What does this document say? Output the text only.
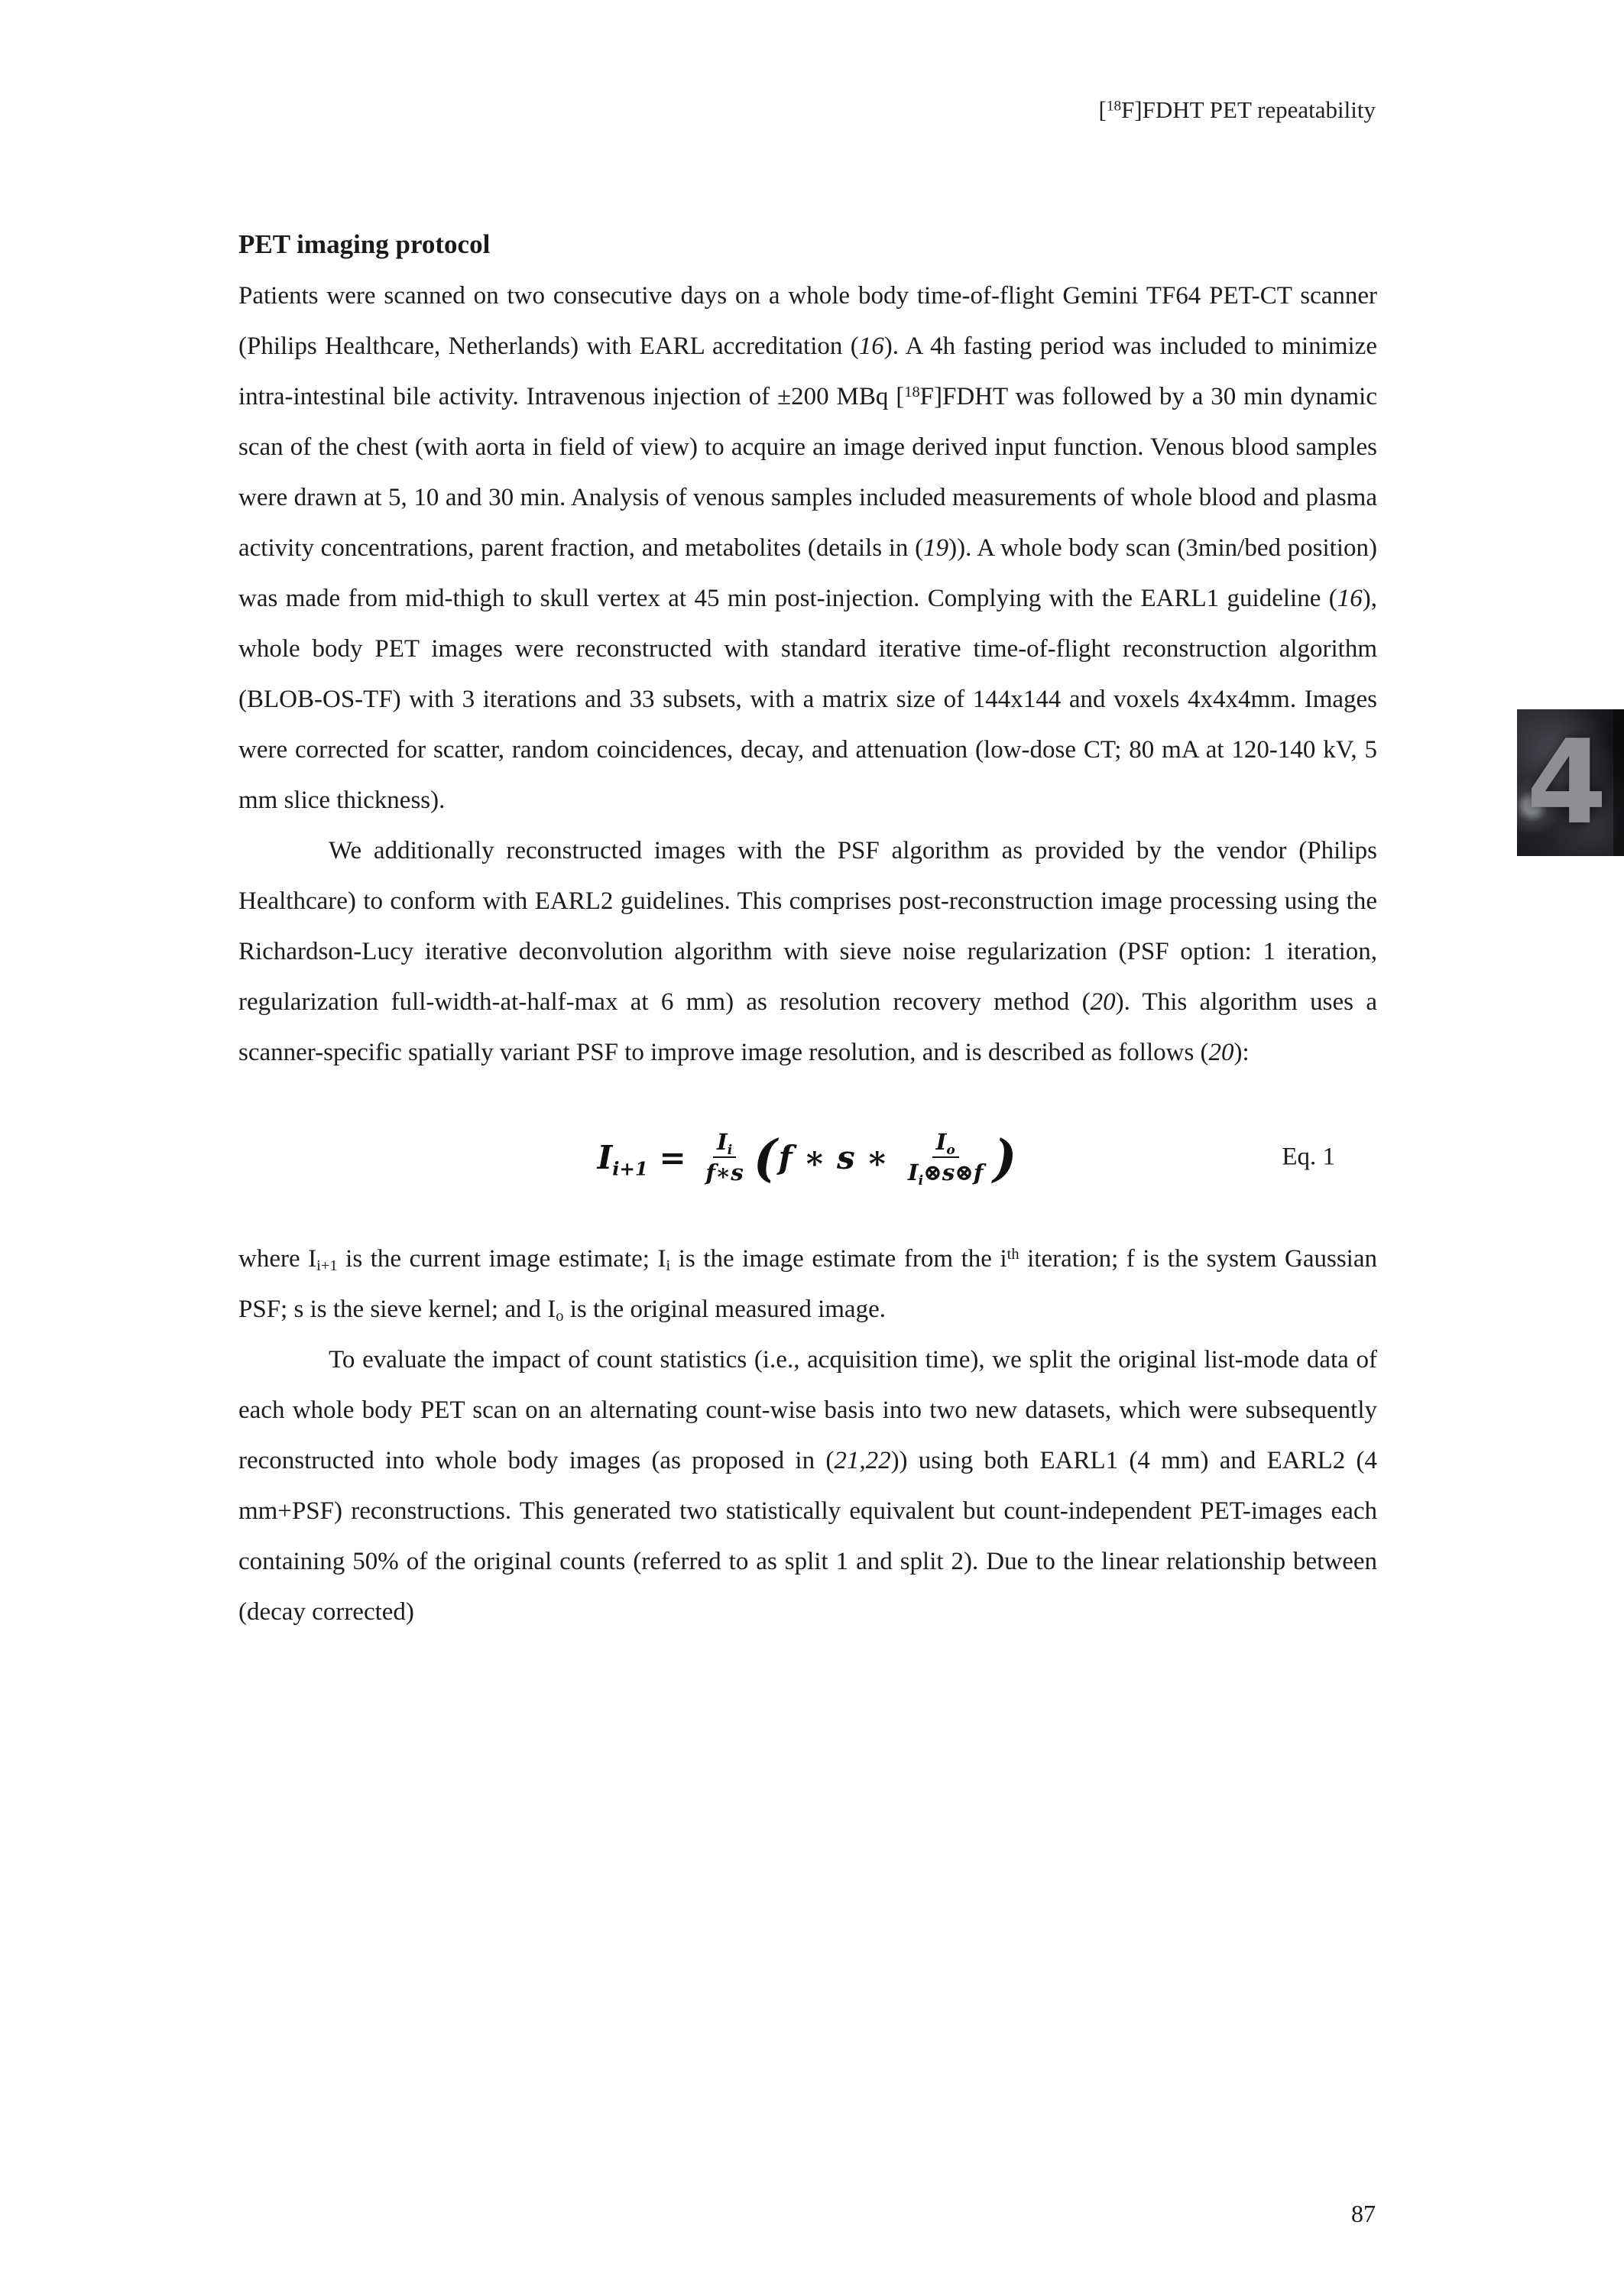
[$^{18}$F]FDHT PET repeatability
4
PET imaging protocol

Patients were scanned on two consecutive days on a whole body time-of-flight Gemini TF64 PET-CT scanner (Philips Healthcare, Netherlands) with EARL accreditation (16). A 4h fasting period was included to minimize intra-intestinal bile activity. Intravenous injection of ±200 MBq [$^{18}$F]FDHT was followed by a 30 min dynamic scan of the chest (with aorta in field of view) to acquire an image derived input function. Venous blood samples were drawn at 5, 10 and 30 min. Analysis of venous samples included measurements of whole blood and plasma activity concentrations, parent fraction, and metabolites (details in (19)). A whole body scan (3min/bed position) was made from mid-thigh to skull vertex at 45 min post-injection. Complying with the EARL1 guideline (16), whole body PET images were reconstructed with standard iterative time-of-flight reconstruction algorithm (BLOB-OS-TF) with 3 iterations and 33 subsets, with a matrix size of 144x144 and voxels 4x4x4mm. Images were corrected for scatter, random coincidences, decay, and attenuation (low-dose CT; 80 mA at 120-140 kV, 5 mm slice thickness).

We additionally reconstructed images with the PSF algorithm as provided by the vendor (Philips Healthcare) to conform with EARL2 guidelines. This comprises post-reconstruction image processing using the Richardson-Lucy iterative deconvolution algorithm with sieve noise regularization (PSF option: 1 iteration, regularization full-width-at-half-max at 6 mm) as resolution recovery method (20). This algorithm uses a scanner-specific spatially variant PSF to improve image resolution, and is described as follows (20):

$I_{i+1} = \frac{I_i}{f∗s}$ ( f ∗ s ∗ $\frac{I_o}{I_i\otimes s\otimes f}$ )	Eq. 1

where $I_{i+1}$ is the current image estimate; $I_i$ is the image estimate from the $i^{th}$ iteration; f is the system Gaussian PSF; s is the sieve kernel; and $I_o$ is the original measured image.

To evaluate the impact of count statistics (i.e., acquisition time), we split the original list-mode data of each whole body PET scan on an alternating count-wise basis into two new datasets, which were subsequently reconstructed into whole body images (as proposed in (21,22)) using both EARL1 (4 mm) and EARL2 (4 mm+PSF) reconstructions. This generated two statistically equivalent but count-independent PET-images each containing 50% of the original counts (referred to as split 1 and split 2). Due to the linear relationship between (decay corrected)

87
